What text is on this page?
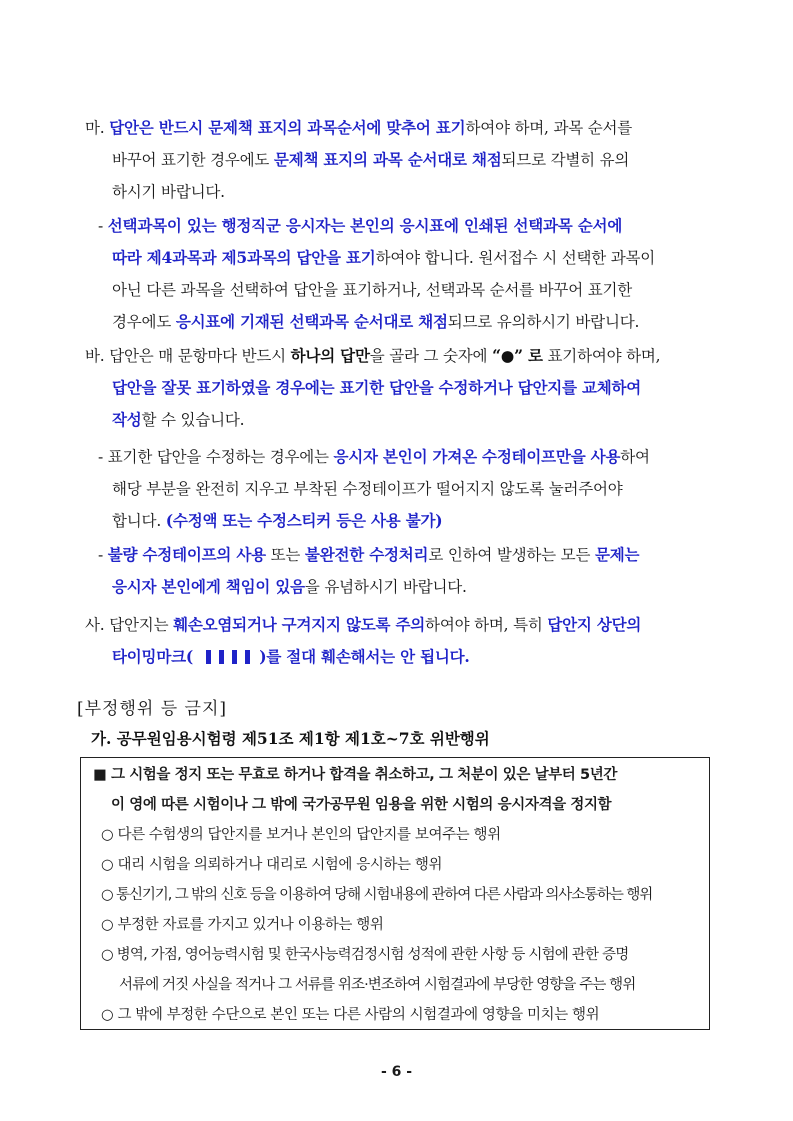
마. 답안은 반드시 문제책 표지의 과목순서에 맞추어 표기하여야 하며, 과목 순서를
바꾸어 표기한 경우에도 문제책 표지의 과목 순서대로 채점되므로 각별히 유의
하시기 바랍니다.
- 선택과목이 있는 행정직군 응시자는 본인의 응시표에 인쇄된 선택과목 순서에
따라 제4과목과 제5과목의 답안을 표기하여야 합니다. 원서접수 시 선택한 과목이
아닌 다른 과목을 선택하여 답안을 표기하거나, 선택과목 순서를 바꾸어 표기한
경우에도 응시표에 기재된 선택과목 순서대로 채점되므로 유의하시기 바랍니다.
바. 답안은 매 문항마다 반드시 하나의 답만을 골라 그 숫자에 “●” 로 표기하여야 하며,
답안을 잘못 표기하였을 경우에는 표기한 답안을 수정하거나 답안지를 교체하여
작성할 수 있습니다.
- 표기한 답안을 수정하는 경우에는 응시자 본인이 가져온 수정테이프만을 사용하여
해당 부분을 완전히 지우고 부착된 수정테이프가 떨어지지 않도록 눌러주어야
합니다. (수정액 또는 수정스티커 등은 사용 불가)
- 불량 수정테이프의 사용 또는 불완전한 수정처리로 인하여 발생하는 모든 문제는
응시자 본인에게 책임이 있음을 유념하시기 바랍니다.
사. 답안지는 훼손오염되거나 구겨지지 않도록 주의하여야 하며, 특히 답안지 상단의
타이밍마크(	)를 절대 훼손해서는 안 됩니다.
[부정행위 등 금지]
가. 공무원임용시험령 제51조 제1항 제1호~7호 위반행위
■ 그 시험을 정지 또는 무효로 하거나 합격을 취소하고, 그 처분이 있은 날부터 5년간
이 영에 따른 시험이나 그 밖에 국가공무원 임용을 위한 시험의 응시자격을 정지함
○ 다른 수험생의 답안지를 보거나 본인의 답안지를 보여주는 행위
○ 대리 시험을 의뢰하거나 대리로 시험에 응시하는 행위
○ 통신기기, 그 밖의 신호 등을 이용하여 당해 시험내용에 관하여 다른 사람과 의사소통하는 행위
○ 부정한 자료를 가지고 있거나 이용하는 행위
○ 병역, 가점, 영어능력시험 및 한국사능력검정시험 성적에 관한 사항 등 시험에 관한 증명
서류에 거짓 사실을 적거나 그 서류를 위조·변조하여 시험결과에 부당한 영향을 주는 행위
○ 그 밖에 부정한 수단으로 본인 또는 다른 사람의 시험결과에 영향을 미치는 행위
- 6 -
